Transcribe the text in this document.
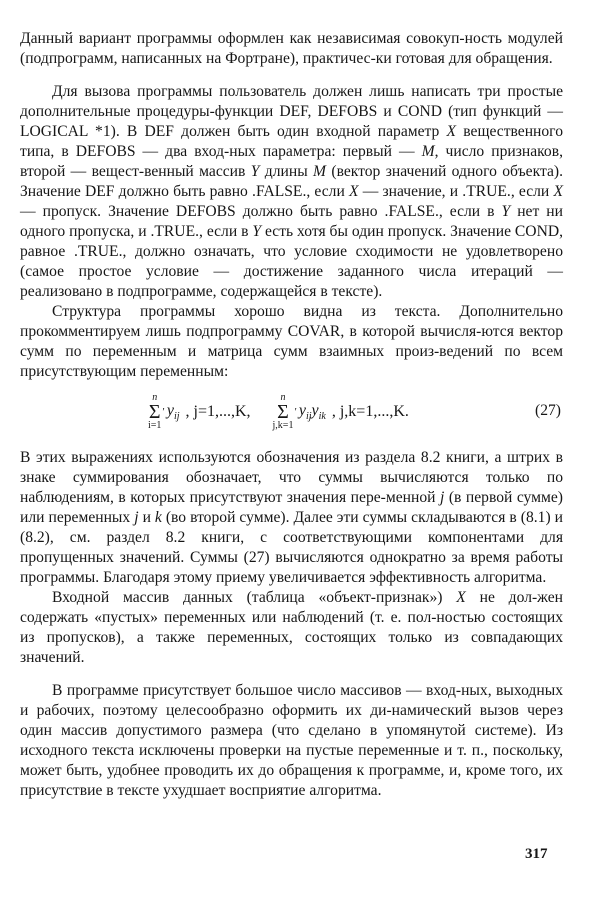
Данный вариант программы оформлен как независимая совокуп-ность модулей (подпрограмм, написанных на Фортране), практичес-ки готовая для обращения.

Для вызова программы пользователь должен лишь написать три простые дополнительные процедуры-функции DEF, DEFOBS и COND (тип функций — LOGICAL *1). В DEF должен быть один входной параметр X вещественного типа, в DEFOBS — два вход-ных параметра: первый — M, число признаков, второй — вещест-венный массив Y длины M (вектор значений одного объекта). Значение DEF должно быть равно .FALSE., если X — значение, и .TRUE., если X — пропуск. Значение DEFOBS должно быть равно .FALSE., если в Y нет ни одного пропуска, и .TRUE., если в Y есть хотя бы один пропуск. Значение COND, равное .TRUE., должно означать, что условие сходимости не удовлетворено (самое простое условие — достижение заданного числа итераций — реализовано в подпрограмме, содержащейся в тексте).

Структура программы хорошо видна из текста. Дополнительно прокомментируем лишь подпрограмму COVAR, в которой вычисля-ются вектор сумм по переменным и матрица сумм взаимных произ-ведений по всем присутствующим переменным:

n
Σ
i=1
′ $y_{ij}$ , j=1,...,K,
n
Σ
j,k=1
′ $y_{ij}y_{ik}$ , j,k=1,...,K.	(27)

В этих выражениях используются обозначения из раздела 8.2 книги, а штрих в знаке суммирования обозначает, что суммы вычисляются только по наблюдениям, в которых присутствуют значения пере-менной j (в первой сумме) или переменных j и k (во второй сумме). Далее эти суммы складываются в (8.1) и (8.2), см. раздел 8.2 книги, с соответствующими компонентами для пропущенных значений. Суммы (27) вычисляются однократно за время работы программы. Благодаря этому приему увеличивается эффективность алгоритма.

Входной массив данных (таблица «объект-признак») X не дол-жен содержать «пустых» переменных или наблюдений (т. е. пол-ностью состоящих из пропусков), а также переменных, состоящих только из совпадающих значений.

В программе присутствует большое число массивов — вход-ных, выходных и рабочих, поэтому целесообразно оформить их ди-намический вызов через один массив допустимого размера (что сделано в упомянутой системе). Из исходного текста исключены проверки на пустые переменные и т. п., поскольку, может быть, удобнее проводить их до обращения к программе, и, кроме того, их присутствие в тексте ухудшает восприятие алгоритма.

317
